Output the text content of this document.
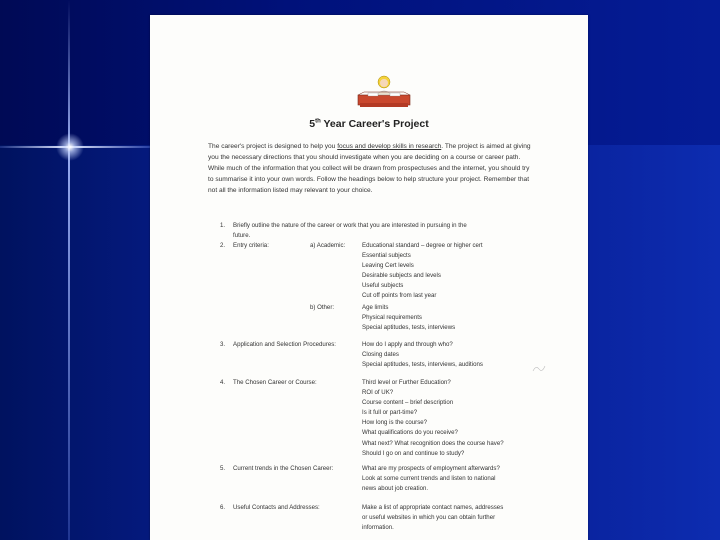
5th Year Career's Project
The career's project is designed to help you focus and develop skills in research. The project is aimed at giving you the necessary directions that you should investigate when you are deciding on a course or career path. While much of the information that you collect will be drawn from prospectuses and the internet, you should try to summarise it into your own words. Follow the headings below to help structure your project. Remember that not all the information listed may relevant to your choice.
1. Briefly outline the nature of the career or work that you are interested in pursuing in the
future.
2. Entry criteria:	a) Academic:	Educational standard – degree or higher cert
Essential subjects
Leaving Cert levels
Desirable subjects and levels
Useful subjects
Cut off points from last year
b) Other:	Age limits
Physical requirements
Special aptitudes, tests, interviews
3. Application and Selection Procedures:	How do I apply and through who?
Closing dates
Special aptitudes, tests, interviews, auditions
4. The Chosen Career or Course:	Third level or Further Education?
ROI of UK?
Course content – brief description
Is it full or part-time?
How long is the course?
What qualifications do you receive?
What next? What recognition does the course have?
Should I go on and continue to study?
5. Current trends in the Chosen Career:	What are my prospects of employment afterwards?
Look at some current trends and listen to national
news about job creation.
6. Useful Contacts and Addresses:	Make a list of appropriate contact names, addresses
or useful websites in which you can obtain further
information.
